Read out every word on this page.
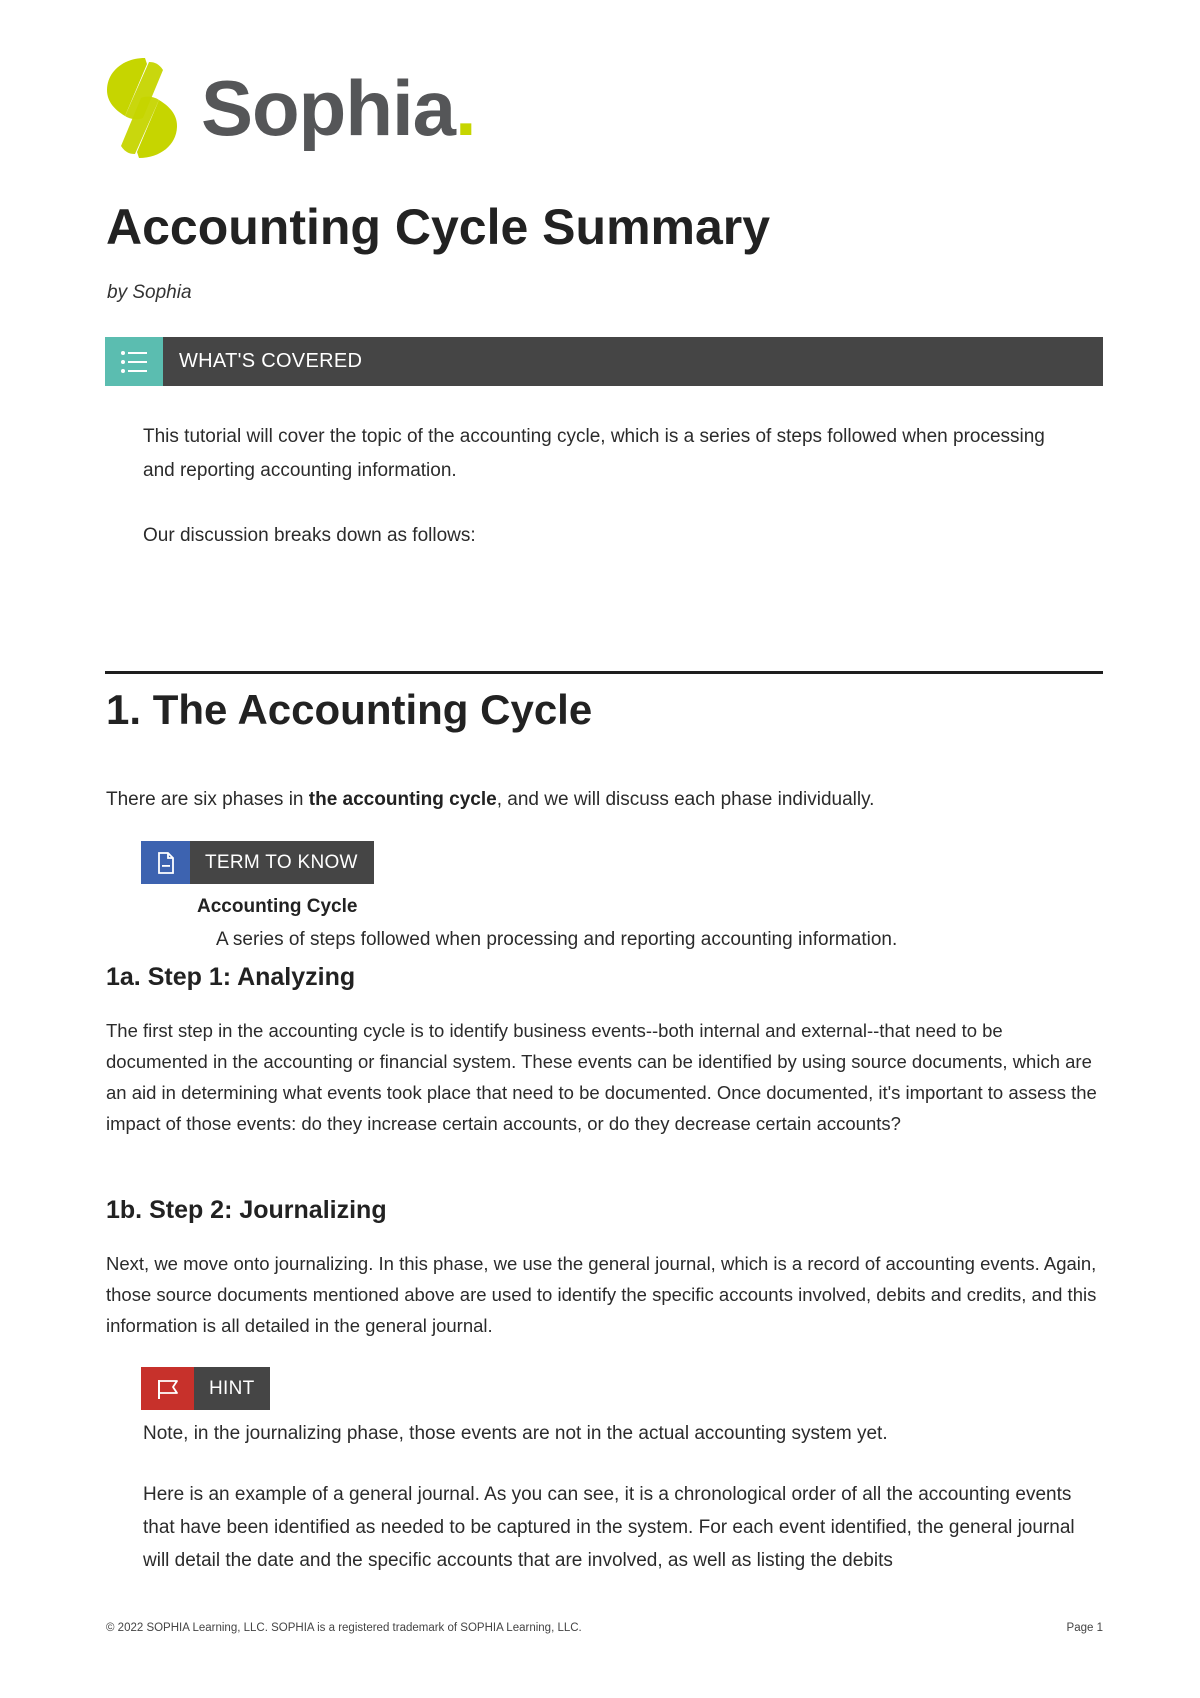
Sophia.
Accounting Cycle Summary
by Sophia
WHAT'S COVERED
This tutorial will cover the topic of the accounting cycle, which is a series of steps followed when processing and reporting accounting information.
Our discussion breaks down as follows:
1. The Accounting Cycle
There are six phases in the accounting cycle, and we will discuss each phase individually.
TERM TO KNOW
Accounting Cycle
A series of steps followed when processing and reporting accounting information.
1a. Step 1: Analyzing
The first step in the accounting cycle is to identify business events--both internal and external--that need to be documented in the accounting or financial system. These events can be identified by using source documents, which are an aid in determining what events took place that need to be documented. Once documented, it's important to assess the impact of those events: do they increase certain accounts, or do they decrease certain accounts?
1b. Step 2: Journalizing
Next, we move onto journalizing. In this phase, we use the general journal, which is a record of accounting events. Again, those source documents mentioned above are used to identify the specific accounts involved, debits and credits, and this information is all detailed in the general journal.
HINT
Note, in the journalizing phase, those events are not in the actual accounting system yet.
Here is an example of a general journal. As you can see, it is a chronological order of all the accounting events that have been identified as needed to be captured in the system. For each event identified, the general journal will detail the date and the specific accounts that are involved, as well as listing the debits
© 2022 SOPHIA Learning, LLC. SOPHIA is a registered trademark of SOPHIA Learning, LLC.	Page 1
